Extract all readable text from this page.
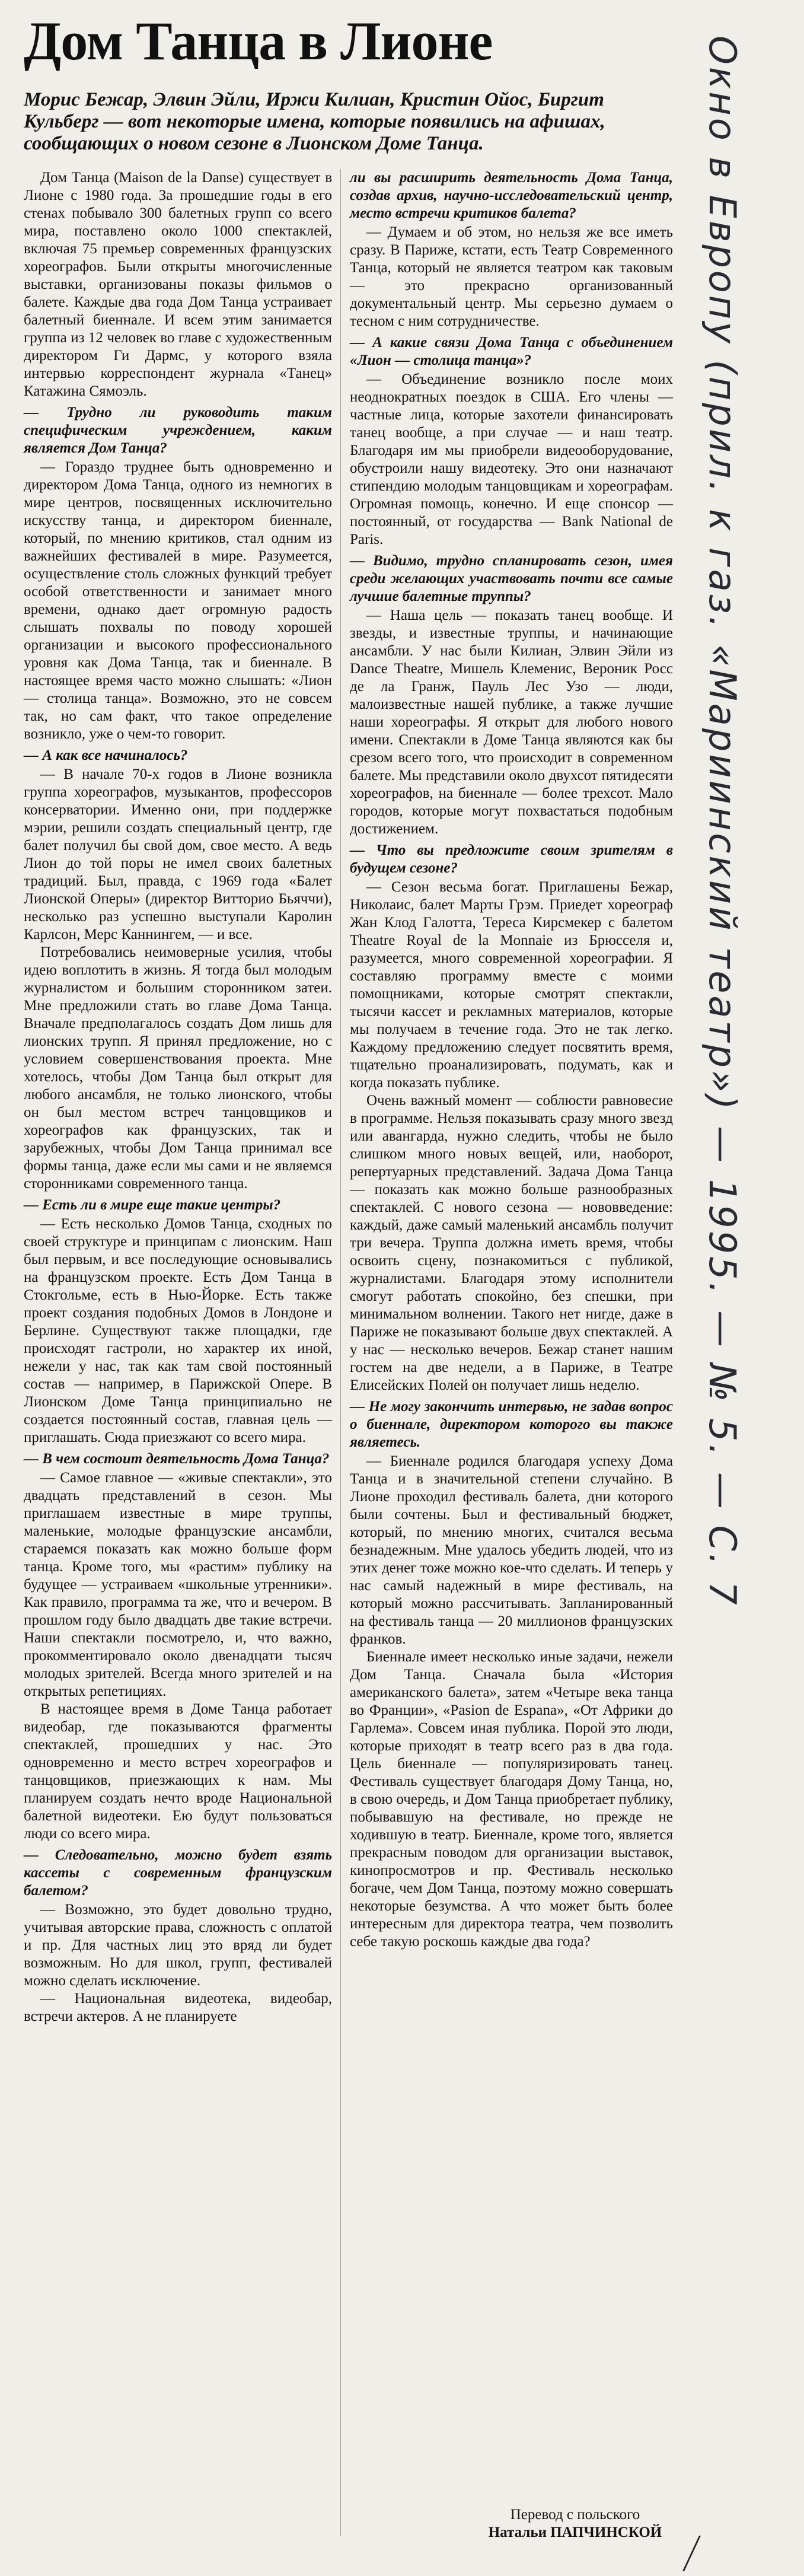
Дом Танца в Лионе
Морис Бежар, Элвин Эйли, Иржи Килиан, Кристин Ойос, Биргит Кульберг — вот некоторые имена, которые появились на афишах, сообщающих о новом сезоне в Лионском Доме Танца.

Дом Танца (Maison de la Danse) существует в Лионе с 1980 года. За прошедшие годы в его стенах побывало 300 балетных групп со всего мира, поставлено около 1000 спектаклей, включая 75 премьер современных французских хореографов. Были открыты многочисленные выставки, организованы показы фильмов о балете. Каждые два года Дом Танца устраивает балетный биеннале. И всем этим занимается группа из 12 человек во главе с художественным директором Ги Дармс, у которого взяла интервью корреспондент журнала «Танец» Катажина Сямоэль.

— Трудно ли руководить таким специфическим учреждением, каким является Дом Танца?

— Гораздо труднее быть одновременно и директором Дома Танца, одного из немногих в мире центров, посвященных исключительно искусству танца, и директором биеннале, который, по мнению критиков, стал одним из важнейших фестивалей в мире. Разумеется, осуществление столь сложных функций требует особой ответственности и занимает много времени, однако дает огромную радость слышать похвалы по поводу хорошей организации и высокого профессионального уровня как Дома Танца, так и биеннале. В настоящее время часто можно слышать: «Лион — столица танца». Возможно, это не совсем так, но сам факт, что такое определение возникло, уже о чем-то говорит.

— А как все начиналось?

— В начале 70-х годов в Лионе возникла группа хореографов, музыкантов, профессоров консерватории. Именно они, при поддержке мэрии, решили создать специальный центр, где балет получил бы свой дом, свое место. А ведь Лион до той поры не имел своих балетных традиций. Был, правда, с 1969 года «Балет Лионской Оперы» (директор Витторио Бьяччи), несколько раз успешно выступали Каролин Карлсон, Мерс Каннингем, — и все.

Потребовались неимоверные усилия, чтобы идею воплотить в жизнь. Я тогда был молодым журналистом и большим сторонником затеи. Мне предложили стать во главе Дома Танца. Вначале предполагалось создать Дом лишь для лионских трупп. Я принял предложение, но с условием совершенствования проекта. Мне хотелось, чтобы Дом Танца был открыт для любого ансамбля, не только лионского, чтобы он был местом встреч танцовщиков и хореографов как французских, так и зарубежных, чтобы Дом Танца принимал все формы танца, даже если мы сами и не являемся сторонниками современного танца.

— Есть ли в мире еще такие центры?

— Есть несколько Домов Танца, сходных по своей структуре и принципам с лионским. Наш был первым, и все последующие основывались на французском проекте. Есть Дом Танца в Стокгольме, есть в Нью-Йорке. Есть также проект создания подобных Домов в Лондоне и Берлине. Существуют также площадки, где происходят гастроли, но характер их иной, нежели у нас, так как там свой постоянный состав — например, в Парижской Опере. В Лионском Доме Танца принципиально не создается постоянный состав, главная цель — приглашать. Сюда приезжают со всего мира.

— В чем состоит деятельность Дома Танца?

— Самое главное — «живые спектакли», это двадцать представлений в сезон. Мы приглашаем известные в мире труппы, маленькие, молодые французские ансамбли, стараемся показать как можно больше форм танца. Кроме того, мы «растим» публику на будущее — устраиваем «школьные утренники». Как правило, программа та же, что и вечером. В прошлом году было двадцать две такие встречи. Наши спектакли посмотрело, и, что важно, прокомментировало около двенадцати тысяч молодых зрителей. Всегда много зрителей и на открытых репетициях.

В настоящее время в Доме Танца работает видеобар, где показываются фрагменты спектаклей, прошедших у нас. Это одновременно и место встреч хореографов и танцовщиков, приезжающих к нам. Мы планируем создать нечто вроде Национальной балетной видеотеки. Ею будут пользоваться люди со всего мира.

— Следовательно, можно будет взять кассеты с современным французским балетом?

— Возможно, это будет довольно трудно, учитывая авторские права, сложность с оплатой и пр. Для частных лиц это вряд ли будет возможным. Но для школ, групп, фестивалей можно сделать исключение.

— Национальная видеотека, видеобар, встречи актеров. А не планируете

ли вы расширить деятельность Дома Танца, создав архив, научно-исследовательский центр, место встречи критиков балета?

— Думаем и об этом, но нельзя же все иметь сразу. В Париже, кстати, есть Театр Современного Танца, который не является театром как таковым — это прекрасно организованный документальный центр. Мы серьезно думаем о тесном с ним сотрудничестве.

— А какие связи Дома Танца с объединением «Лион — столица танца»?

— Объединение возникло после моих неоднократных поездок в США. Его члены — частные лица, которые захотели финансировать танец вообще, а при случае — и наш театр. Благодаря им мы приобрели видеооборудование, обустроили нашу видеотеку. Это они назначают стипендию молодым танцовщикам и хореографам. Огромная помощь, конечно. И еще спонсор — постоянный, от государства — Bank National de Paris.

— Видимо, трудно спланировать сезон, имея среди желающих участвовать почти все самые лучшие балетные труппы?

— Наша цель — показать танец вообще. И звезды, и известные труппы, и начинающие ансамбли. У нас были Килиан, Элвин Эйли из Dance Theatre, Мишель Клеменис, Вероник Росс де ла Гранж, Пауль Лес Узо — люди, малоизвестные нашей публике, а также лучшие наши хореографы. Я открыт для любого нового имени. Спектакли в Доме Танца являются как бы срезом всего того, что происходит в современном балете. Мы представили около двухсот пятидесяти хореографов, на биеннале — более трехсот. Мало городов, которые могут похвастаться подобным достижением.

— Что вы предложите своим зрителям в будущем сезоне?

— Сезон весьма богат. Приглашены Бежар, Николаис, балет Марты Грэм. Приедет хореограф Жан Клод Галотта, Тереса Кирсмекер с балетом Theatre Royal de la Monnaie из Брюсселя и, разумеется, много современной хореографии. Я составляю программу вместе с моими помощниками, которые смотрят спектакли, тысячи кассет и рекламных материалов, которые мы получаем в течение года. Это не так легко. Каждому предложению следует посвятить время, тщательно проанализировать, подумать, как и когда показать публике.

Очень важный момент — соблюсти равновесие в программе. Нельзя показывать сразу много звезд или авангарда, нужно следить, чтобы не было слишком много новых вещей, или, наоборот, репертуарных представлений. Задача Дома Танца — показать как можно больше разнообразных спектаклей. С нового сезона — нововведение: каждый, даже самый маленький ансамбль получит три вечера. Труппа должна иметь время, чтобы освоить сцену, познакомиться с публикой, журналистами. Благодаря этому исполнители смогут работать спокойно, без спешки, при минимальном волнении. Такого нет нигде, даже в Париже не показывают больше двух спектаклей. А у нас — несколько вечеров. Бежар станет нашим гостем на две недели, а в Париже, в Театре Елисейских Полей он получает лишь неделю.

— Не могу закончить интервью, не задав вопрос о биеннале, директором которого вы также являетесь.

— Биеннале родился благодаря успеху Дома Танца и в значительной степени случайно. В Лионе проходил фестиваль балета, дни которого были сочтены. Был и фестивальный бюджет, который, по мнению многих, считался весьма безнадежным. Мне удалось убедить людей, что из этих денег тоже можно кое-что сделать. И теперь у нас самый надежный в мире фестиваль, на который можно рассчитывать. Запланированный на фестиваль танца — 20 миллионов французских франков.

Биеннале имеет несколько иные задачи, нежели Дом Танца. Сначала была «История американского балета», затем «Четыре века танца во Франции», «Pasion de Espana», «От Африки до Гарлема». Совсем иная публика. Порой это люди, которые приходят в театр всего раз в два года. Цель биеннале — популяризировать танец. Фестиваль существует благодаря Дому Танца, но, в свою очередь, и Дом Танца приобретает публику, побывавшую на фестивале, но прежде не ходившую в театр. Биеннале, кроме того, является прекрасным поводом для организации выставок, кинопросмотров и пр. Фестиваль несколько богаче, чем Дом Танца, поэтому можно совершать некоторые безумства. А что может быть более интересным для директора театра, чем позволить себе такую роскошь каждые два года?

Перевод с польского
Натальи ПАПЧИНСКОЙ
Окно в Европу (прил. к газ. «Мариинский театр») — 1995. — № 5. — С. 7
